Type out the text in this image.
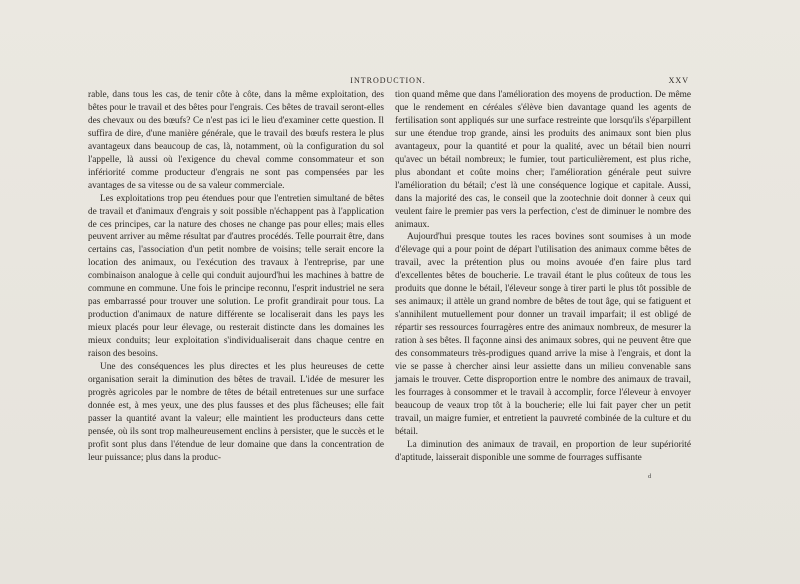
INTRODUCTION.	XXV

rable, dans tous les cas, de tenir côte à côte, dans la même exploitation, des bêtes pour le travail et des bêtes pour l'engrais. Ces bêtes de travail seront-elles des chevaux ou des bœufs? Ce n'est pas ici le lieu d'examiner cette question. Il suffira de dire, d'une manière générale, que le travail des bœufs restera le plus avantageux dans beaucoup de cas, là, notamment, où la configuration du sol l'appelle, là aussi où l'exigence du cheval comme consommateur et son infériorité comme producteur d'engrais ne sont pas compensées par les avantages de sa vitesse ou de sa valeur commerciale.

Les exploitations trop peu étendues pour que l'entretien simultané de bêtes de travail et d'animaux d'engrais y soit possible n'échappent pas à l'application de ces principes, car la nature des choses ne change pas pour elles; mais elles peuvent arriver au même résultat par d'autres procédés. Telle pourrait être, dans certains cas, l'association d'un petit nombre de voisins; telle serait encore la location des animaux, ou l'exécution des travaux à l'entreprise, par une combinaison analogue à celle qui conduit aujourd'hui les machines à battre de commune en commune. Une fois le principe reconnu, l'esprit industriel ne sera pas embarrassé pour trouver une solution. Le profit grandirait pour tous. La production d'animaux de nature différente se localiserait dans les pays les mieux placés pour leur élevage, ou resterait distincte dans les domaines les mieux conduits; leur exploitation s'individualiserait dans chaque centre en raison des besoins.

Une des conséquences les plus directes et les plus heureuses de cette organisation serait la diminution des bêtes de travail. L'idée de mesurer les progrès agricoles par le nombre de têtes de bétail entretenues sur une surface donnée est, à mes yeux, une des plus fausses et des plus fâcheuses; elle fait passer la quantité avant la valeur; elle maintient les producteurs dans cette pensée, où ils sont trop malheureusement enclins à persister, que le succès et le profit sont plus dans l'étendue de leur domaine que dans la concentration de leur puissance; plus dans la produc-

tion quand même que dans l'amélioration des moyens de production. De même que le rendement en céréales s'élève bien davantage quand les agents de fertilisation sont appliqués sur une surface restreinte que lorsqu'ils s'éparpillent sur une étendue trop grande, ainsi les produits des animaux sont bien plus avantageux, pour la quantité et pour la qualité, avec un bétail bien nourri qu'avec un bétail nombreux; le fumier, tout particulièrement, est plus riche, plus abondant et coûte moins cher; l'amélioration générale peut suivre l'amélioration du bétail; c'est là une conséquence logique et capitale. Aussi, dans la majorité des cas, le conseil que la zootechnie doit donner à ceux qui veulent faire le premier pas vers la perfection, c'est de diminuer le nombre des animaux.

Aujourd'hui presque toutes les races bovines sont soumises à un mode d'élevage qui a pour point de départ l'utilisation des animaux comme bêtes de travail, avec la prétention plus ou moins avouée d'en faire plus tard d'excellentes bêtes de boucherie. Le travail étant le plus coûteux de tous les produits que donne le bétail, l'éleveur songe à tirer parti le plus tôt possible de ses animaux; il attèle un grand nombre de bêtes de tout âge, qui se fatiguent et s'annihilent mutuellement pour donner un travail imparfait; il est obligé de répartir ses ressources fourragères entre des animaux nombreux, de mesurer la ration à ses bêtes. Il façonne ainsi des animaux sobres, qui ne peuvent être que des consommateurs très-prodigues quand arrive la mise à l'engrais, et dont la vie se passe à chercher ainsi leur assiette dans un milieu convenable sans jamais le trouver. Cette disproportion entre le nombre des animaux de travail, les fourrages à consommer et le travail à accomplir, force l'éleveur à envoyer beaucoup de veaux trop tôt à la boucherie; elle lui fait payer cher un petit travail, un maigre fumier, et entretient la pauvreté combinée de la culture et du bétail.

La diminution des animaux de travail, en proportion de leur supériorité d'aptitude, laisserait disponible une somme de fourrages suffisante

d
